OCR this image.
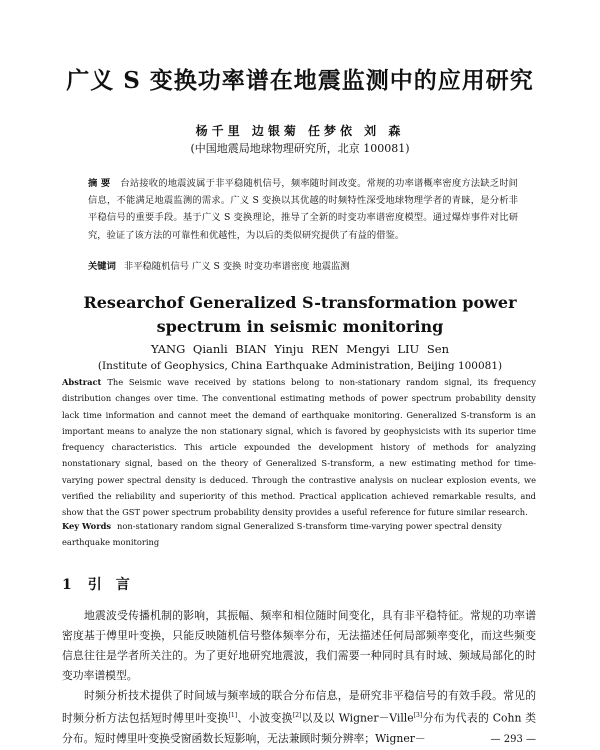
广义 S 变换功率谱在地震监测中的应用研究
杨千里 边银菊 任梦依 刘 森
(中国地震局地球物理研究所，北京 100081)
摘 要 台站接收的地震波属于非平稳随机信号，频率随时间改变。常规的功率谱概率密度方法缺乏时间信息，不能满足地震监测的需求。广义 S 变换以其优越的时频特性深受地球物理学者的青睐，是分析非平稳信号的重要手段。基于广义 S 变换理论，推导了全新的时变功率谱密度模型。通过爆炸事件对比研究，验证了该方法的可靠性和优越性，为以后的类似研究提供了有益的借鉴。
关键词 非平稳随机信号 广义 S 变换 时变功率谱密度 地震监测
Researchof Generalized S-transformation power
spectrum in seismic monitoring
YANG Qianli BIAN Yinju REN Mengyi LIU Sen
(Institute of Geophysics, China Earthquake Administration, Beijing 100081)
Abstract The Seismic wave received by stations belong to non-stationary random signal, its frequency distribution changes over time. The conventional estimating methods of power spectrum probability density lack time information and cannot meet the demand of earthquake monitoring. Generalized S-transform is an important means to analyze the non stationary signal, which is favored by geophysicists with its superior time frequency characteristics. This article expounded the development history of methods for analyzing nonstationary signal, based on the theory of Generalized S-transform, a new estimating method for time-varying power spectral density is deduced. Through the contrastive analysis on nuclear explosion events, we verified the reliability and superiority of this method. Practical application achieved remarkable results, and show that the GST power spectrum probability density provides a useful reference for future similar research.
Key Words non-stationary random signal Generalized S-transform time-varying power spectral density earthquake monitoring
1 引 言

地震波受传播机制的影响，其振幅、频率和相位随时间变化，具有非平稳特征。常规的功率谱密度基于傅里叶变换，只能反映随机信号整体频率分布，无法描述任何局部频率变化，而这些频变信息往往是学者所关注的。为了更好地研究地震波，我们需要一种同时具有时域、频域局部化的时变功率谱模型。

时频分析技术提供了时间域与频率域的联合分布信息，是研究非平稳信号的有效手段。常见的时频分析方法包括短时傅里叶变换[1]、小波变换[2]以及以 Wigner－Ville[3]分布为代表的 Cohn 类分布。短时傅里叶变换受窗函数长短影响，无法兼顾时频分辨率；Wigner－	— 293 —
